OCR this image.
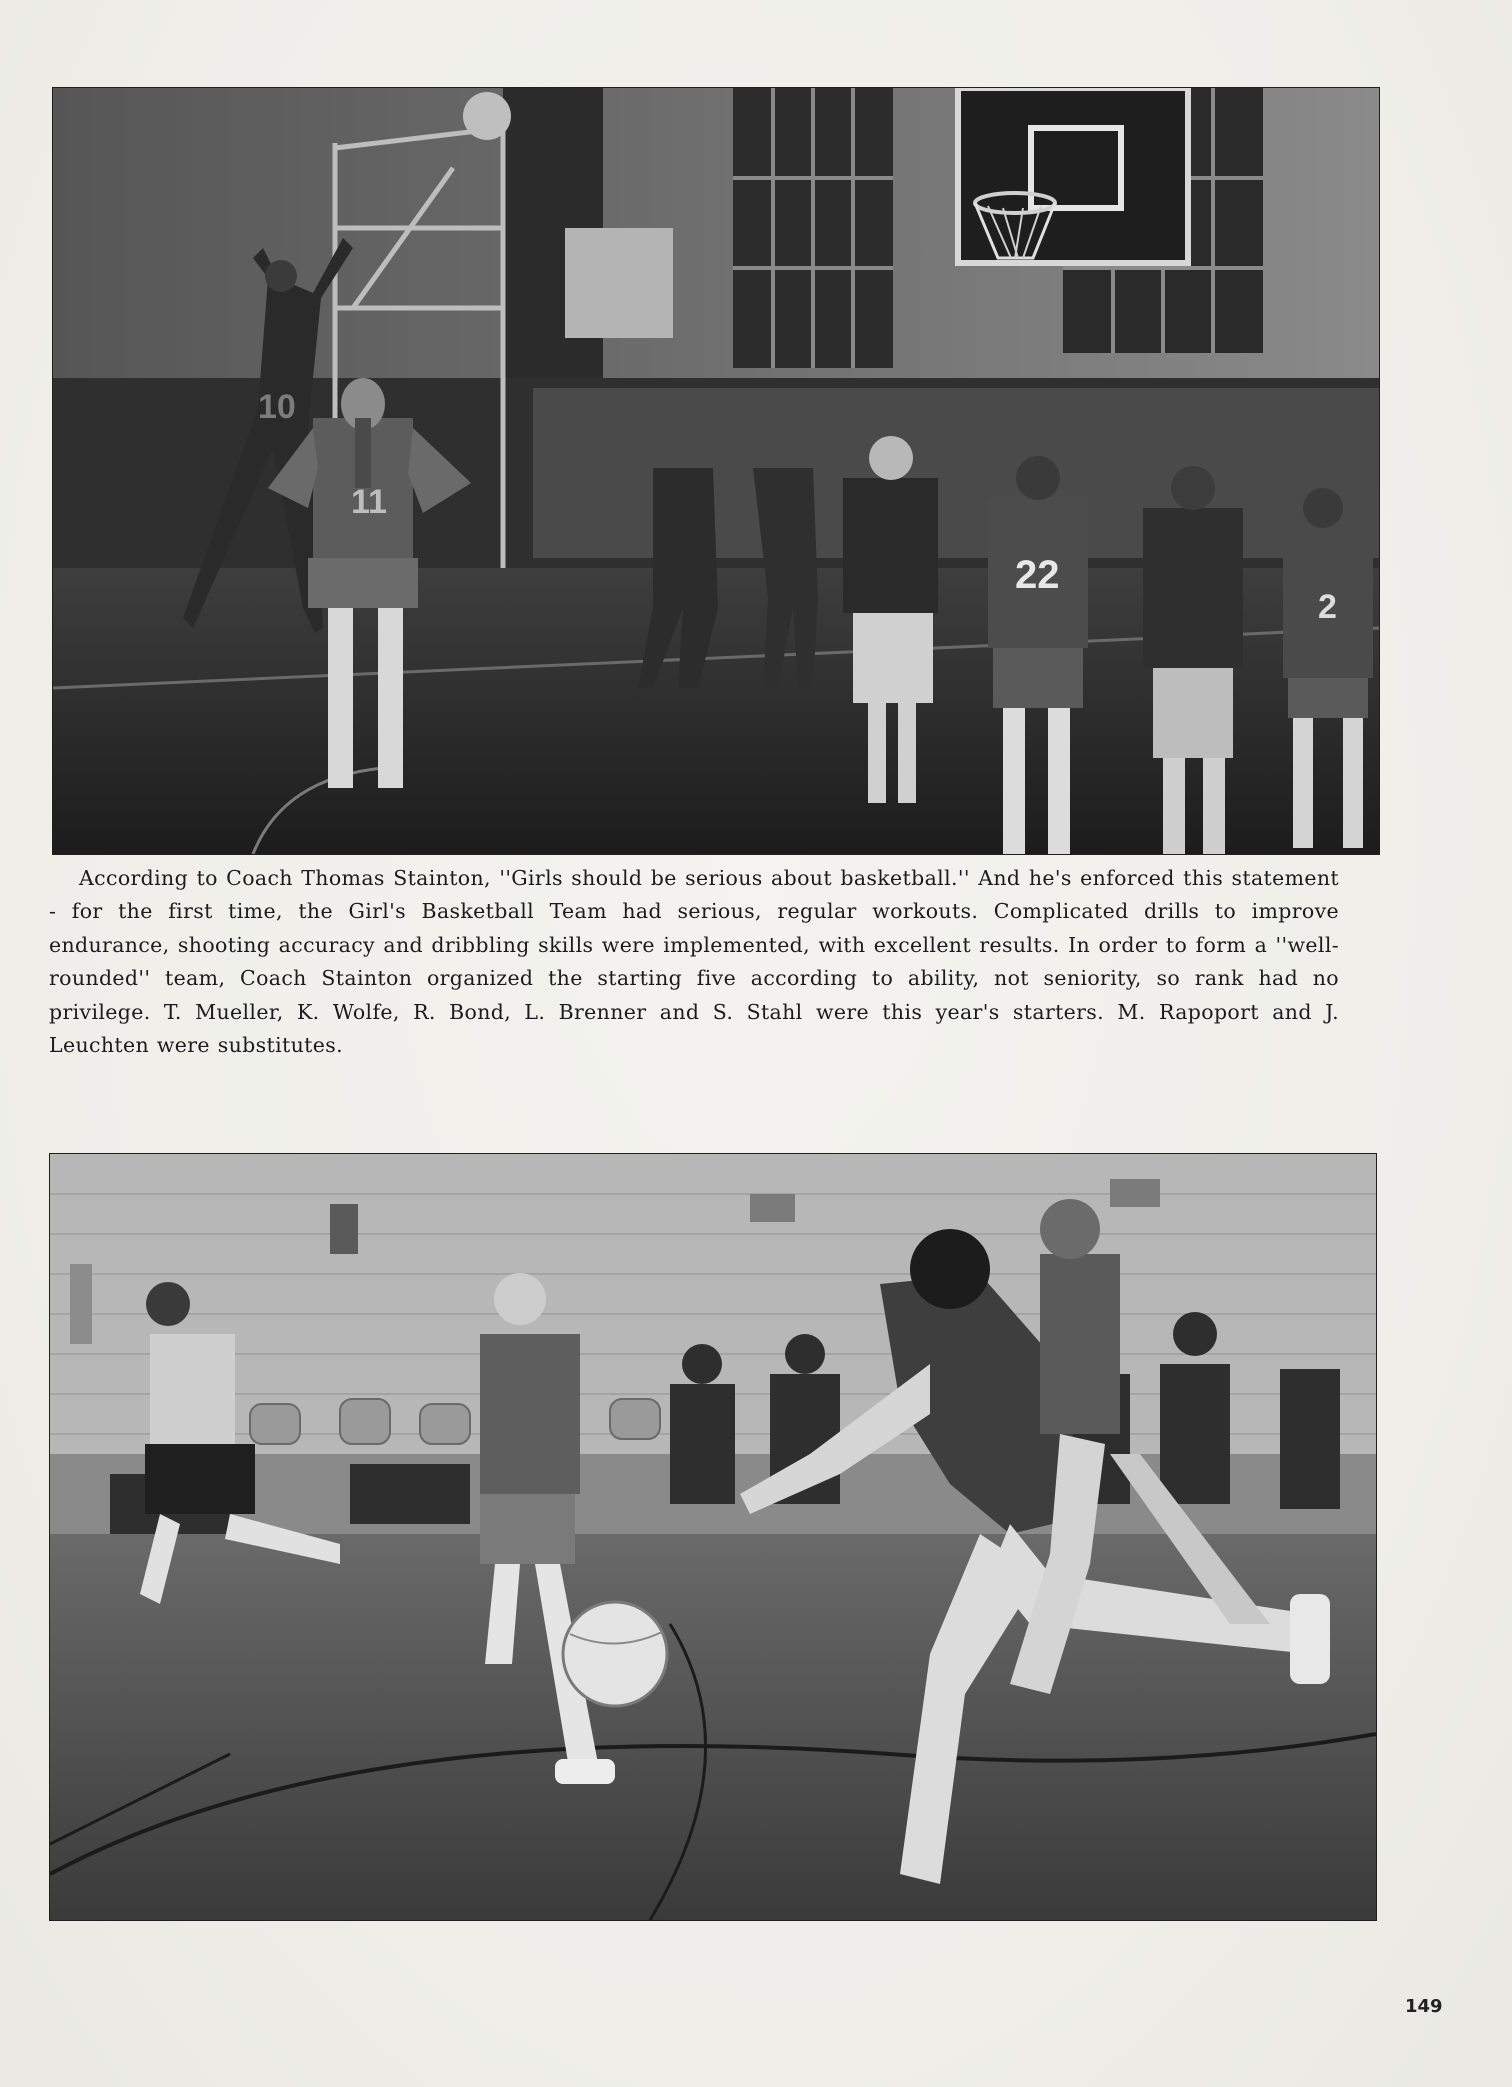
10
11
22
2

According to Coach Thomas Stainton, ''Girls should be serious about basketball.'' And he's enforced this statement - for the first time, the Girl's Basketball Team had serious, regular workouts. Complicated drills to improve endurance, shooting accuracy and dribbling skills were implemented, with excellent results. In order to form a ''well-rounded'' team, Coach Stainton organized the starting five according to ability, not seniority, so rank had no privilege. T. Mueller, K. Wolfe, R. Bond, L. Brenner and S. Stahl were this year's starters. M. Rapoport and J. Leuchten were substitutes.

149
